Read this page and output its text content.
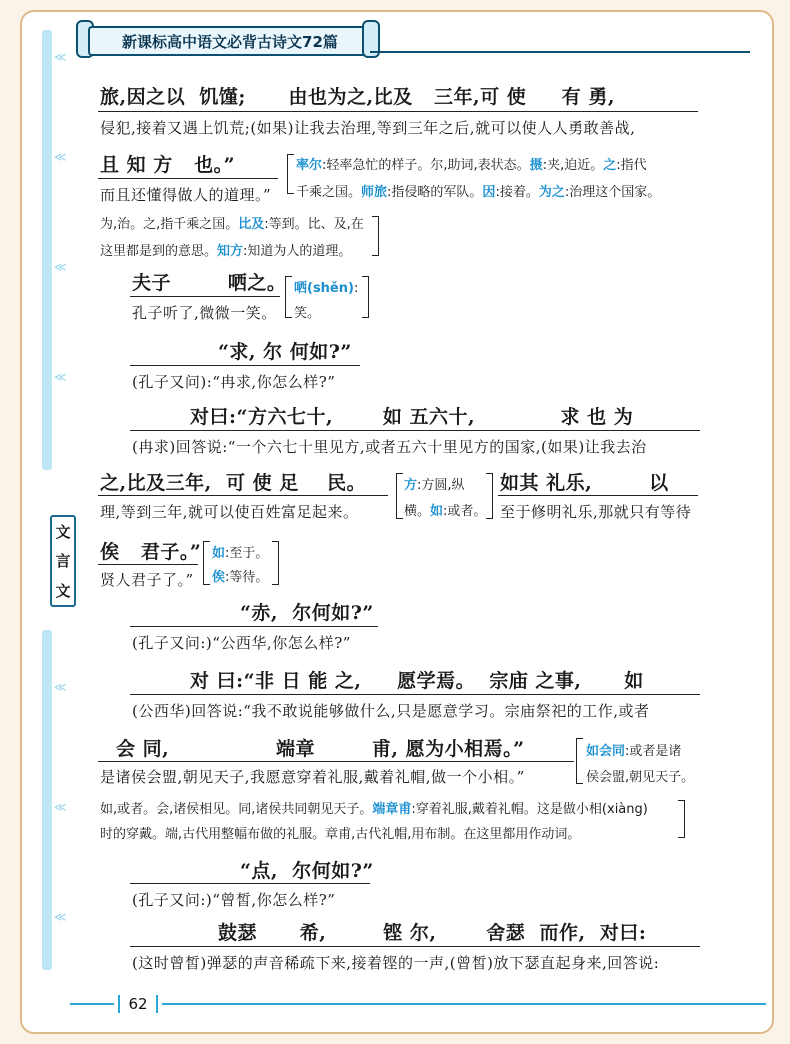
≪
≪
≪
≪
≪
≪
≪
新课标高中语文必背古诗文72篇
文
言
文
旅,因之以  饥馑;      由也为之,比及   三年,可 使     有 勇,
侵犯,接着又遇上饥荒;(如果)让我去治理,等到三年之后,就可以使人人勇敢善战,
且 知 方   也。”
而且还懂得做人的道理。”
率尔:轻率急忙的样子。尔,助词,表状态。摄:夹,迫近。之:指代
千乘之国。师旅:指侵略的军队。因:接着。为之:治理这个国家。
为,治。之,指千乘之国。比及:等到。比、及,在
这里都是到的意思。知方:知道为人的道理。
夫子        哂之。
孔子听了,微微一笑。
哂(shěn):
笑。
“求, 尔 何如?”
(孔子又问):“冉求,你怎么样?”
对曰:“方六七十,       如 五六十,            求 也 为
(冉求)回答说:“一个六七十里见方,或者五六十里见方的国家,(如果)让我去治
之,比及三年,  可 使 足    民。
理,等到三年,就可以使百姓富足起来。
方:方圆,纵
横。如:或者。
如其 礼乐,        以
至于修明礼乐,那就只有等待
俟   君子。”
贤人君子了。”
如:至于。
俟:等待。
“赤,  尔何如?”
(孔子又问:)“公西华,你怎么样?”
对 曰:“非 日 能 之,     愿学焉。  宗庙 之事,      如
(公西华)回答说:“我不敢说能够做什么,只是愿意学习。宗庙祭祀的工作,或者
会 同,               端章        甫, 愿为小相焉。”
是诸侯会盟,朝见天子,我愿意穿着礼服,戴着礼帽,做一个小相。”
如会同:或者是诸
侯会盟,朝见天子。
如,或者。会,诸侯相见。同,诸侯共同朝见天子。端章甫:穿着礼服,戴着礼帽。这是做小相(xiàng)
时的穿戴。端,古代用整幅布做的礼服。章甫,古代礼帽,用布制。在这里都用作动词。
“点,  尔何如?”
(孔子又问:)“曾皙,你怎么样?”
鼓瑟      希,        铿 尔,       舍瑟  而作,  对曰:
(这时曾皙)弹瑟的声音稀疏下来,接着铿的一声,(曾皙)放下瑟直起身来,回答说:
62
